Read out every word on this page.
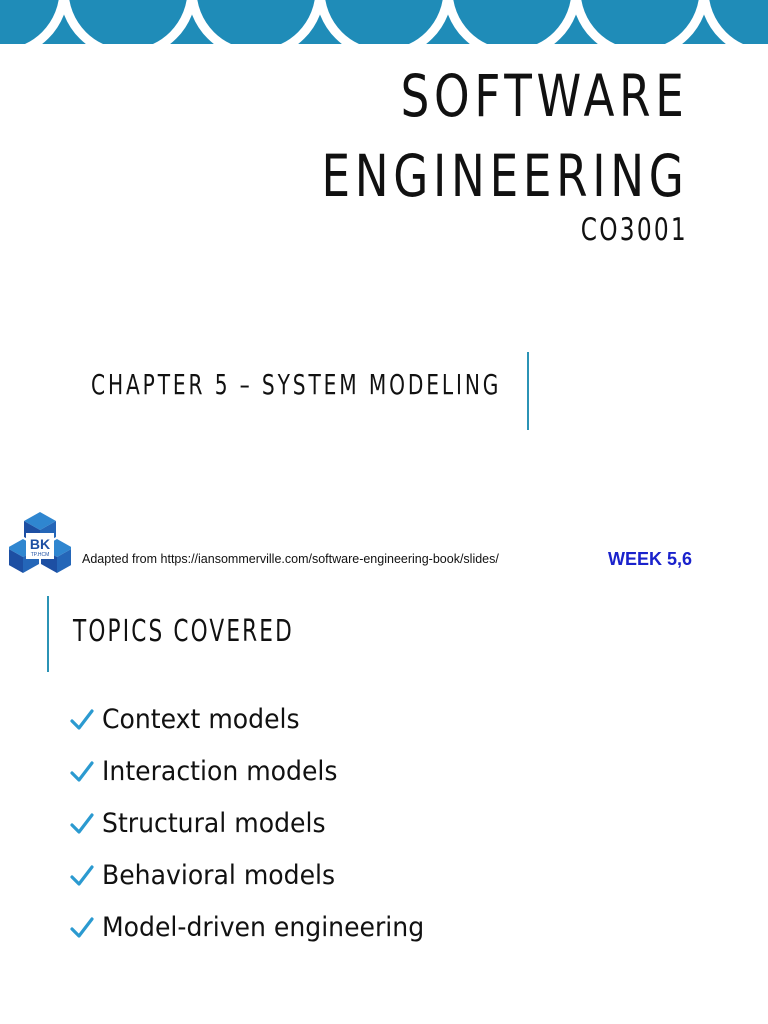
SOFTWARE
ENGINEERING
CO3001
CHAPTER 5 – SYSTEM MODELING
BK
TP.HCM	Adapted from https://iansommerville.com/software-engineering-book/slides/	WEEK 5,6
TOPICS COVERED
Context models
Interaction models
Structural models
Behavioral models
Model-driven engineering
